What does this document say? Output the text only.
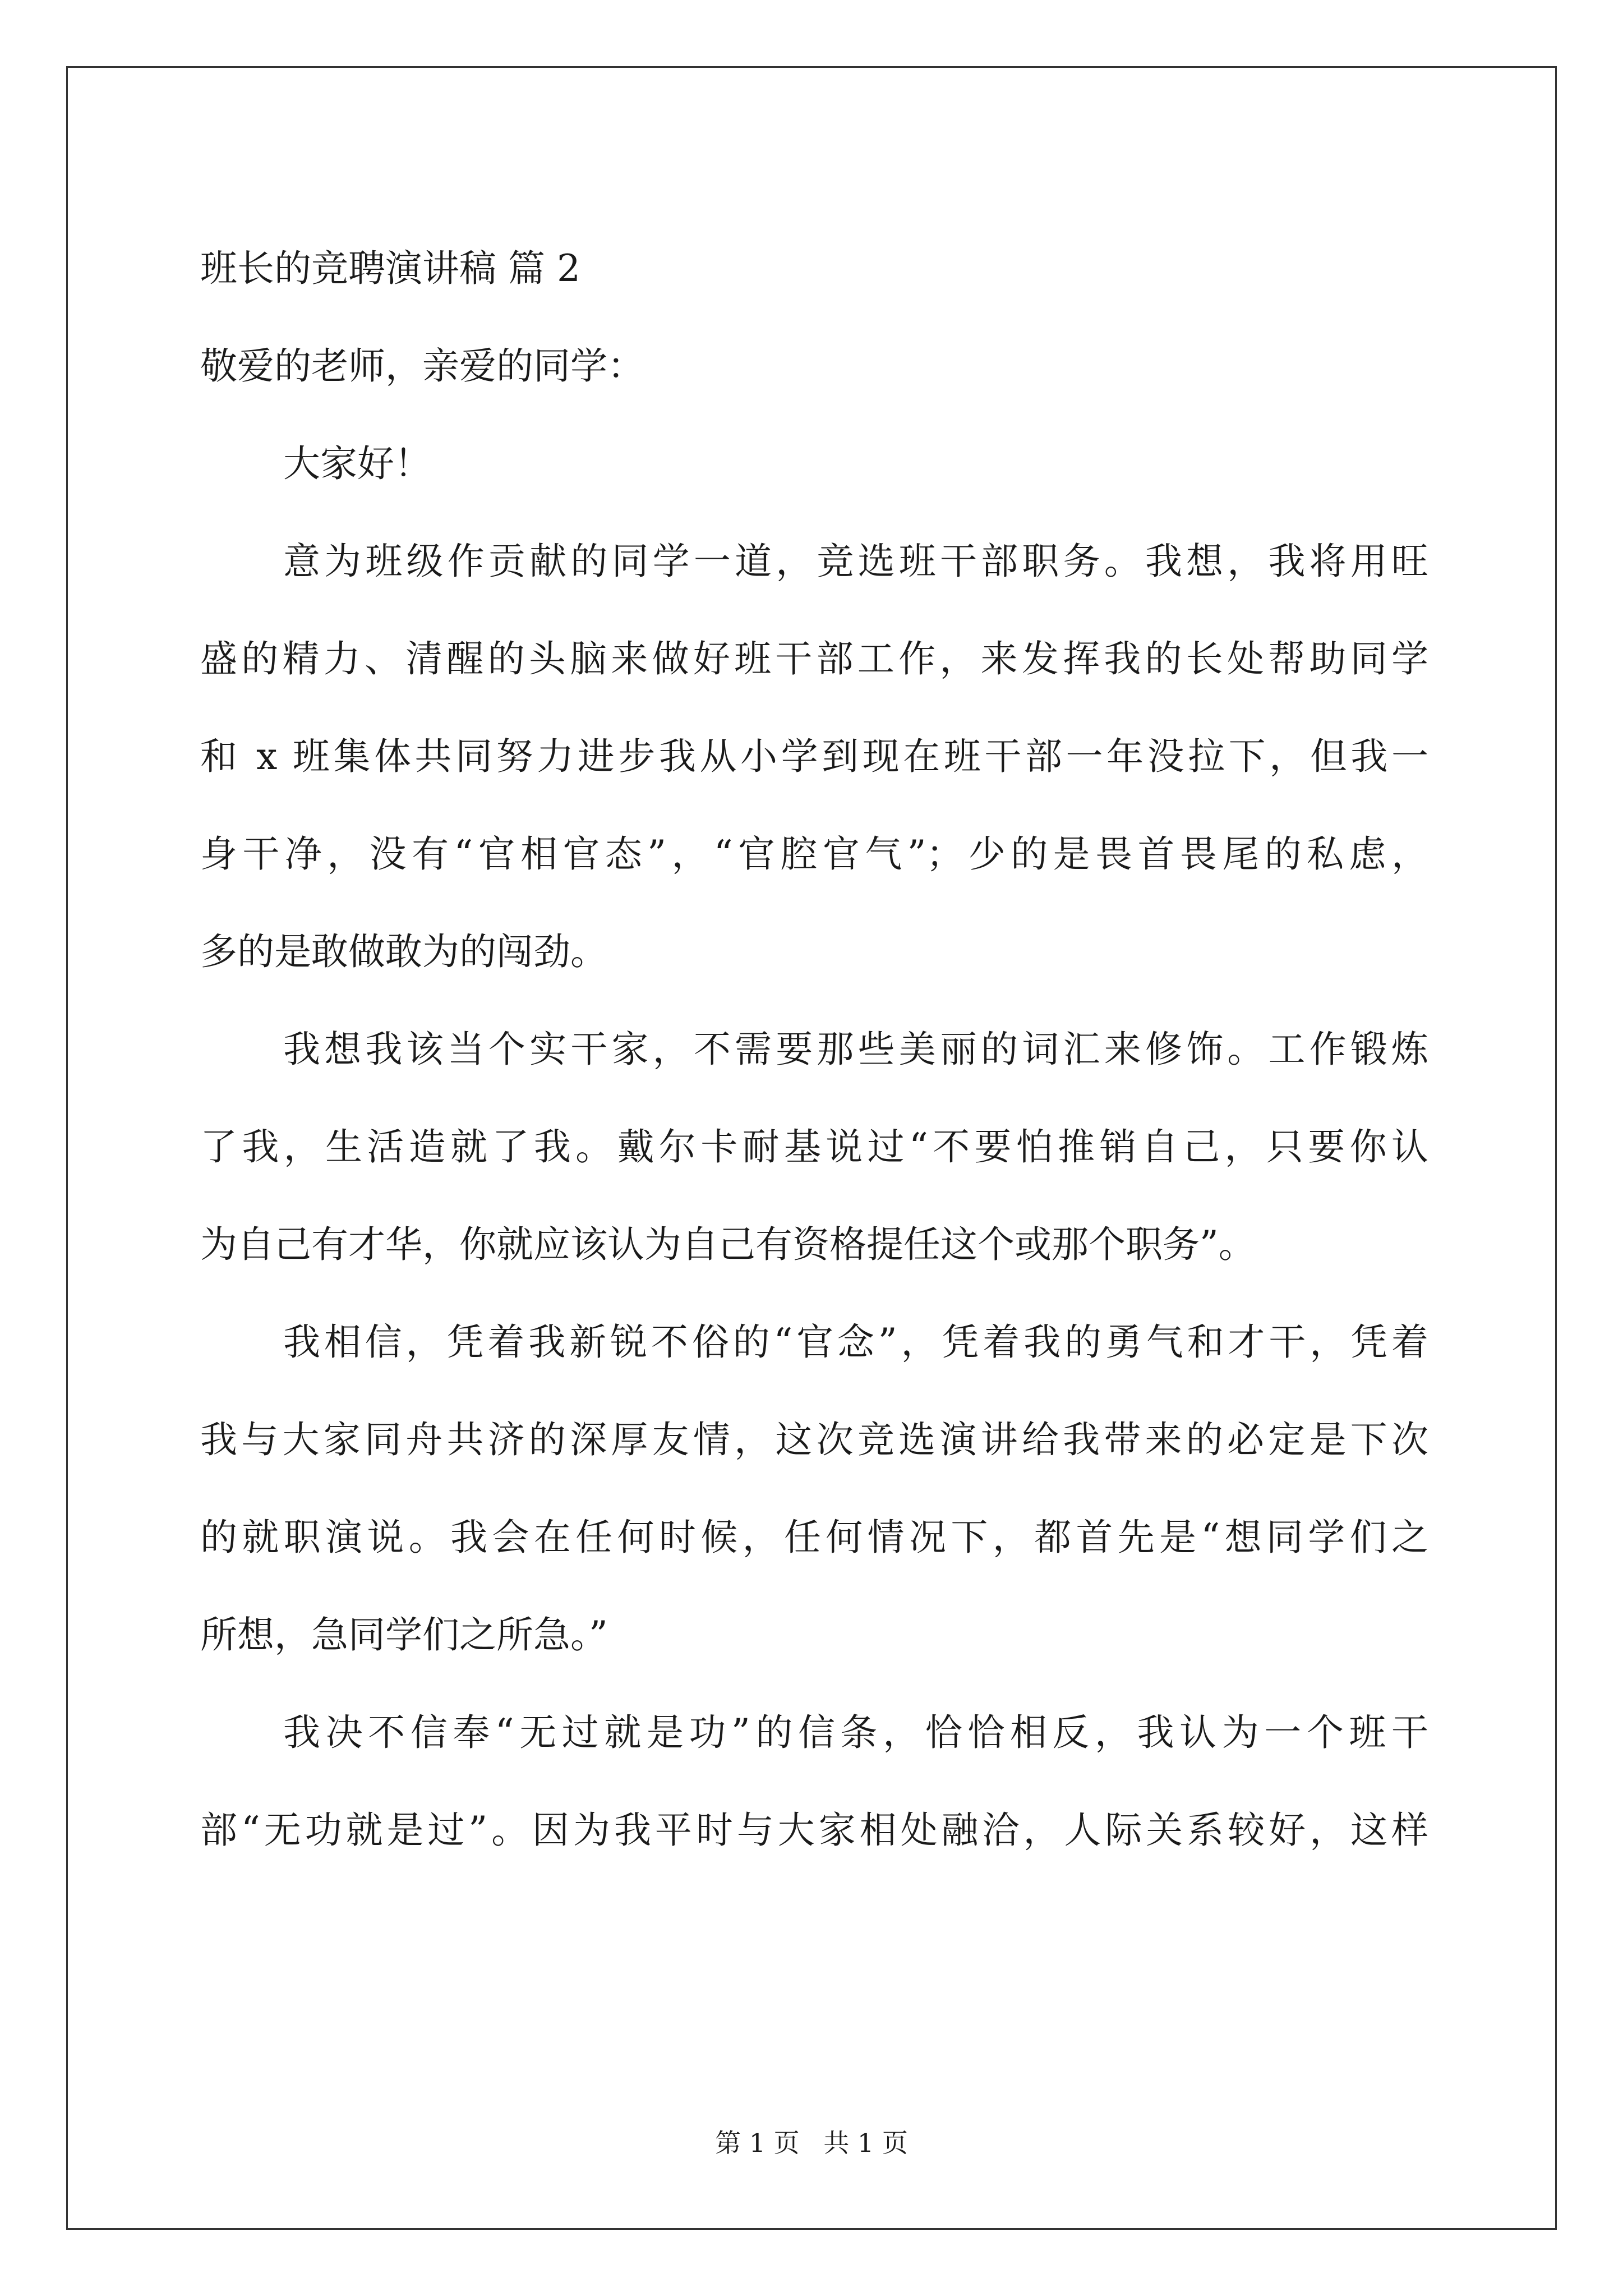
班长的竞聘演讲稿 篇 2

敬爱的老师，亲爱的同学：

大家好！

意为班级作贡献的同学一道，竞选班干部职务。我想，我将用旺
盛的精力、清醒的头脑来做好班干部工作，来发挥我的长处帮助同学
和 x 班集体共同努力进步我从小学到现在班干部一年没拉下，但我一
身干净，没有“官相官态”，“官腔官气”；少的是畏首畏尾的私虑，
多的是敢做敢为的闯劲。
我想我该当个实干家，不需要那些美丽的词汇来修饰。工作锻炼
了我，生活造就了我。戴尔卡耐基说过“不要怕推销自己，只要你认
为自己有才华，你就应该认为自己有资格提任这个或那个职务”。
我相信，凭着我新锐不俗的“官念”，凭着我的勇气和才干，凭着
我与大家同舟共济的深厚友情，这次竞选演讲给我带来的必定是下次
的就职演说。我会在任何时候，任何情况下，都首先是“想同学们之
所想，急同学们之所急。”
我决不信奉“无过就是功”的信条，恰恰相反，我认为一个班干
部“无功就是过”。因为我平时与大家相处融洽，人际关系较好，这样
第 1 页 共 1 页
